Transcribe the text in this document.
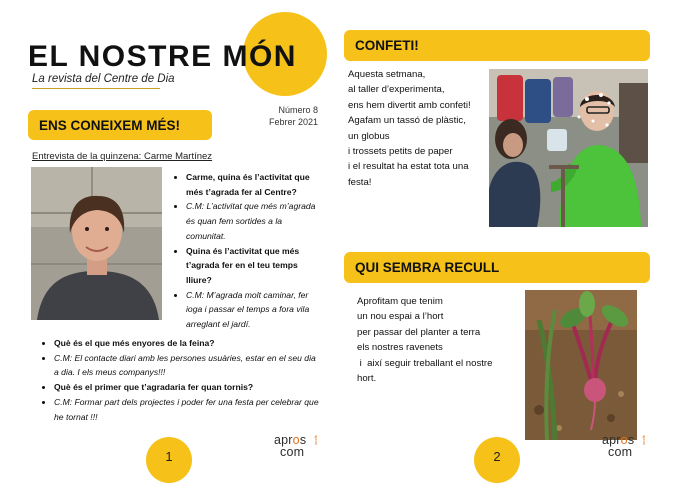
EL NOSTRE MÓN
La revista del Centre de Dia
Número 8
Febrer 2021
ENS CONEIXEM MÉS!
Entrevista de la quinzena: Carme Martínez
• Carme, quina és l’activitat que més t’agrada fer al Centre?
• C.M: L’activitat que més m’agrada és quan fem sortides a la comunitat.
• Quina és l’activitat que més t’agrada fer en el teu temps lliure?
• C.M: M’agrada molt caminar, fer ioga i passar el temps a fora vila arreglant el jardí.
• Què és el que més enyores de la feina?
• C.M: El contacte diari amb les persones usuàries, estar en el seu dia a dia. I els meus companys!!!
• Què és el primer que t’agradaria fer quan tornis?
• C.M: Formar part dels projectes i poder fer una festa per celebrar que he tornat !!!
1
apros
com
apros
CONFETI!
Aquesta setmana,
al taller d’experimenta,
ens hem divertit amb confeti!
Agafam un tassó de plàstic,
un globus
i trossets petits de paper
i el resultat ha estat tota una
festa!
QUI SEMBRA RECULL
Aprofitam que tenim
un nou espai a l’hort
per passar del planter a terra
els nostres ravenets
i  així seguir treballant el nostre
hort.
2
apros
com
apros
